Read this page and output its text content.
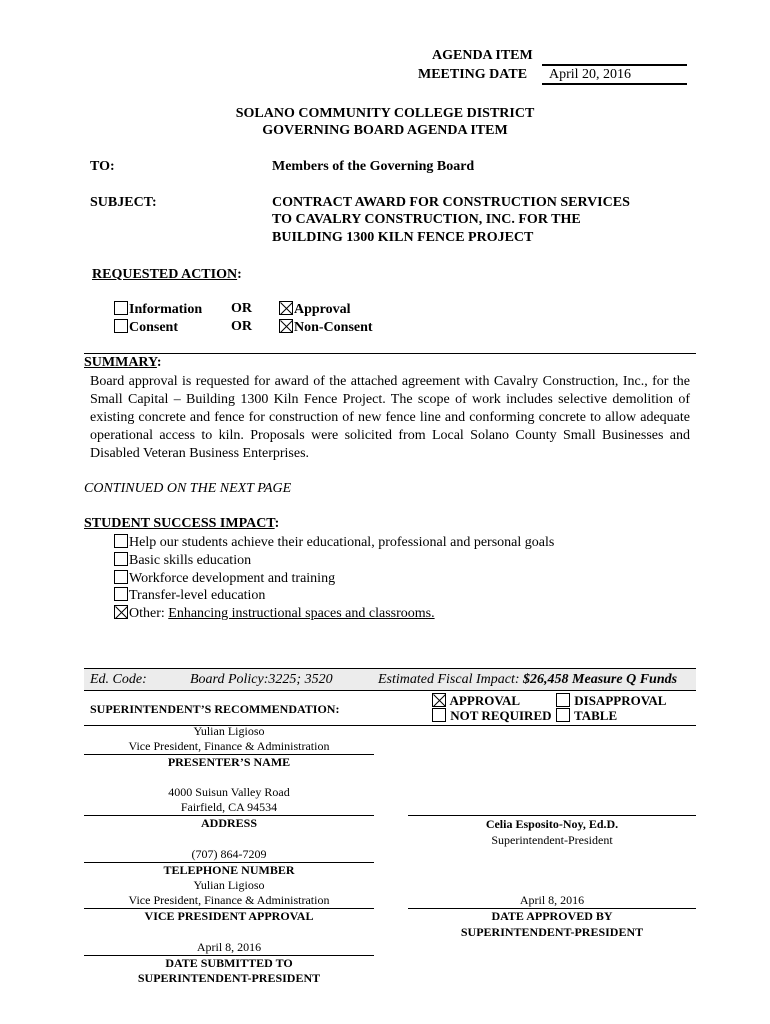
AGENDA ITEM
MEETING DATE April 20, 2016
SOLANO COMMUNITY COLLEGE DISTRICT
GOVERNING BOARD AGENDA ITEM
TO:	Members of the Governing Board
SUBJECT:	CONTRACT AWARD FOR CONSTRUCTION SERVICES
TO CAVALRY CONSTRUCTION, INC. FOR THE
BUILDING 1300 KILN FENCE PROJECT
REQUESTED ACTION:
Information OR	Approval
Consent	OR	Non-Consent
SUMMARY:
Board approval is requested for award of the attached agreement with Cavalry Construction, Inc., for the Small Capital – Building 1300 Kiln Fence Project. The scope of work includes selective demolition of existing concrete and fence for construction of new fence line and conforming concrete to allow adequate operational access to kiln. Proposals were solicited from Local Solano County Small Businesses and Disabled Veteran Business Enterprises.
CONTINUED ON THE NEXT PAGE
STUDENT SUCCESS IMPACT:
Help our students achieve their educational, professional and personal goals
Basic skills education
Workforce development and training
Transfer-level education
Other: Enhancing instructional spaces and classrooms.
Ed. Code:	Board Policy:3225; 3520	Estimated Fiscal Impact: $26,458 Measure Q Funds
SUPERINTENDENT’S RECOMMENDATION:
APPROVAL	DISAPPROVAL
NOT REQUIRED	TABLE
Yulian Ligioso
Vice President, Finance & Administration
PRESENTER’S NAME
4000 Suisun Valley Road
Fairfield, CA 94534
ADDRESS
(707) 864-7209
TELEPHONE NUMBER
Yulian Ligioso
Vice President, Finance & Administration
VICE PRESIDENT APPROVAL
April 8, 2016
DATE SUBMITTED TO
SUPERINTENDENT-PRESIDENT
Celia Esposito-Noy, Ed.D.
Superintendent-President
April 8, 2016
DATE APPROVED BY
SUPERINTENDENT-PRESIDENT
